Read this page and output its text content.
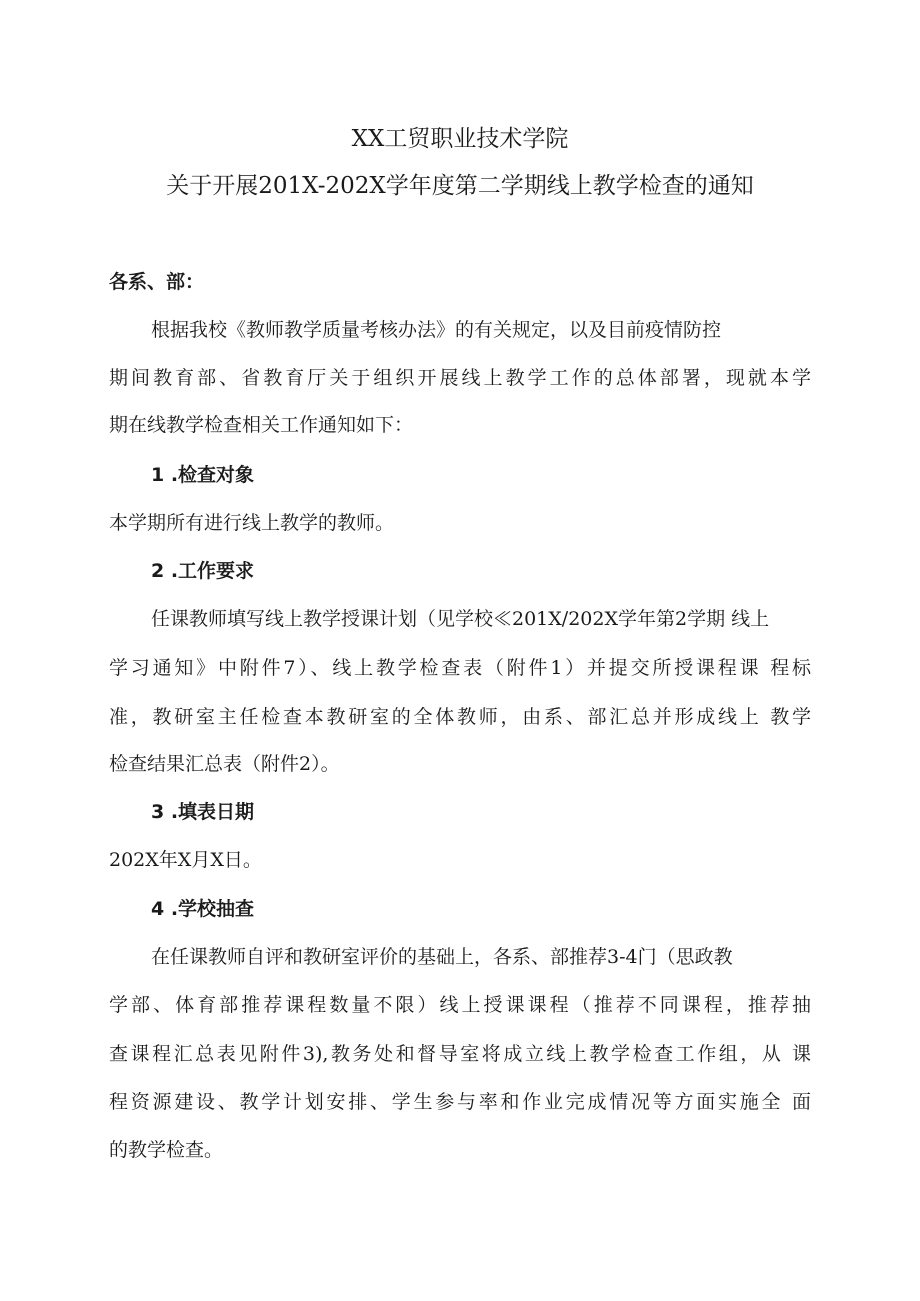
XX工贸职业技术学院
关于开展201X-202X学年度第二学期线上教学检查的通知
各系、部：
根据我校《教师教学质量考核办法》的有关规定，以及目前疫情防控
期间教育部、省教育厅关于组织开展线上教学工作的总体部署，现就本学
期在线教学检查相关工作通知如下：
1 .检查对象
本学期所有进行线上教学的教师。
2 .工作要求
任课教师填写线上教学授课计划（见学校≪201X∕202X学年第2学期 线上
学习通知》中附件7）、线上教学检查表（附件1）并提交所授课程课 程标
准，教研室主任检查本教研室的全体教师，由系、部汇总并形成线上 教学
检查结果汇总表（附件2）。
3 .填表日期
202X年X月X日。
4 .学校抽查
在任课教师自评和教研室评价的基础上，各系、部推荐3-4门（思政教
学部、体育部推荐课程数量不限）线上授课课程（推荐不同课程，推荐抽
查课程汇总表见附件3),教务处和督导室将成立线上教学检查工作组，从 课
程资源建设、教学计划安排、学生参与率和作业完成情况等方面实施全 面
的教学检查。
